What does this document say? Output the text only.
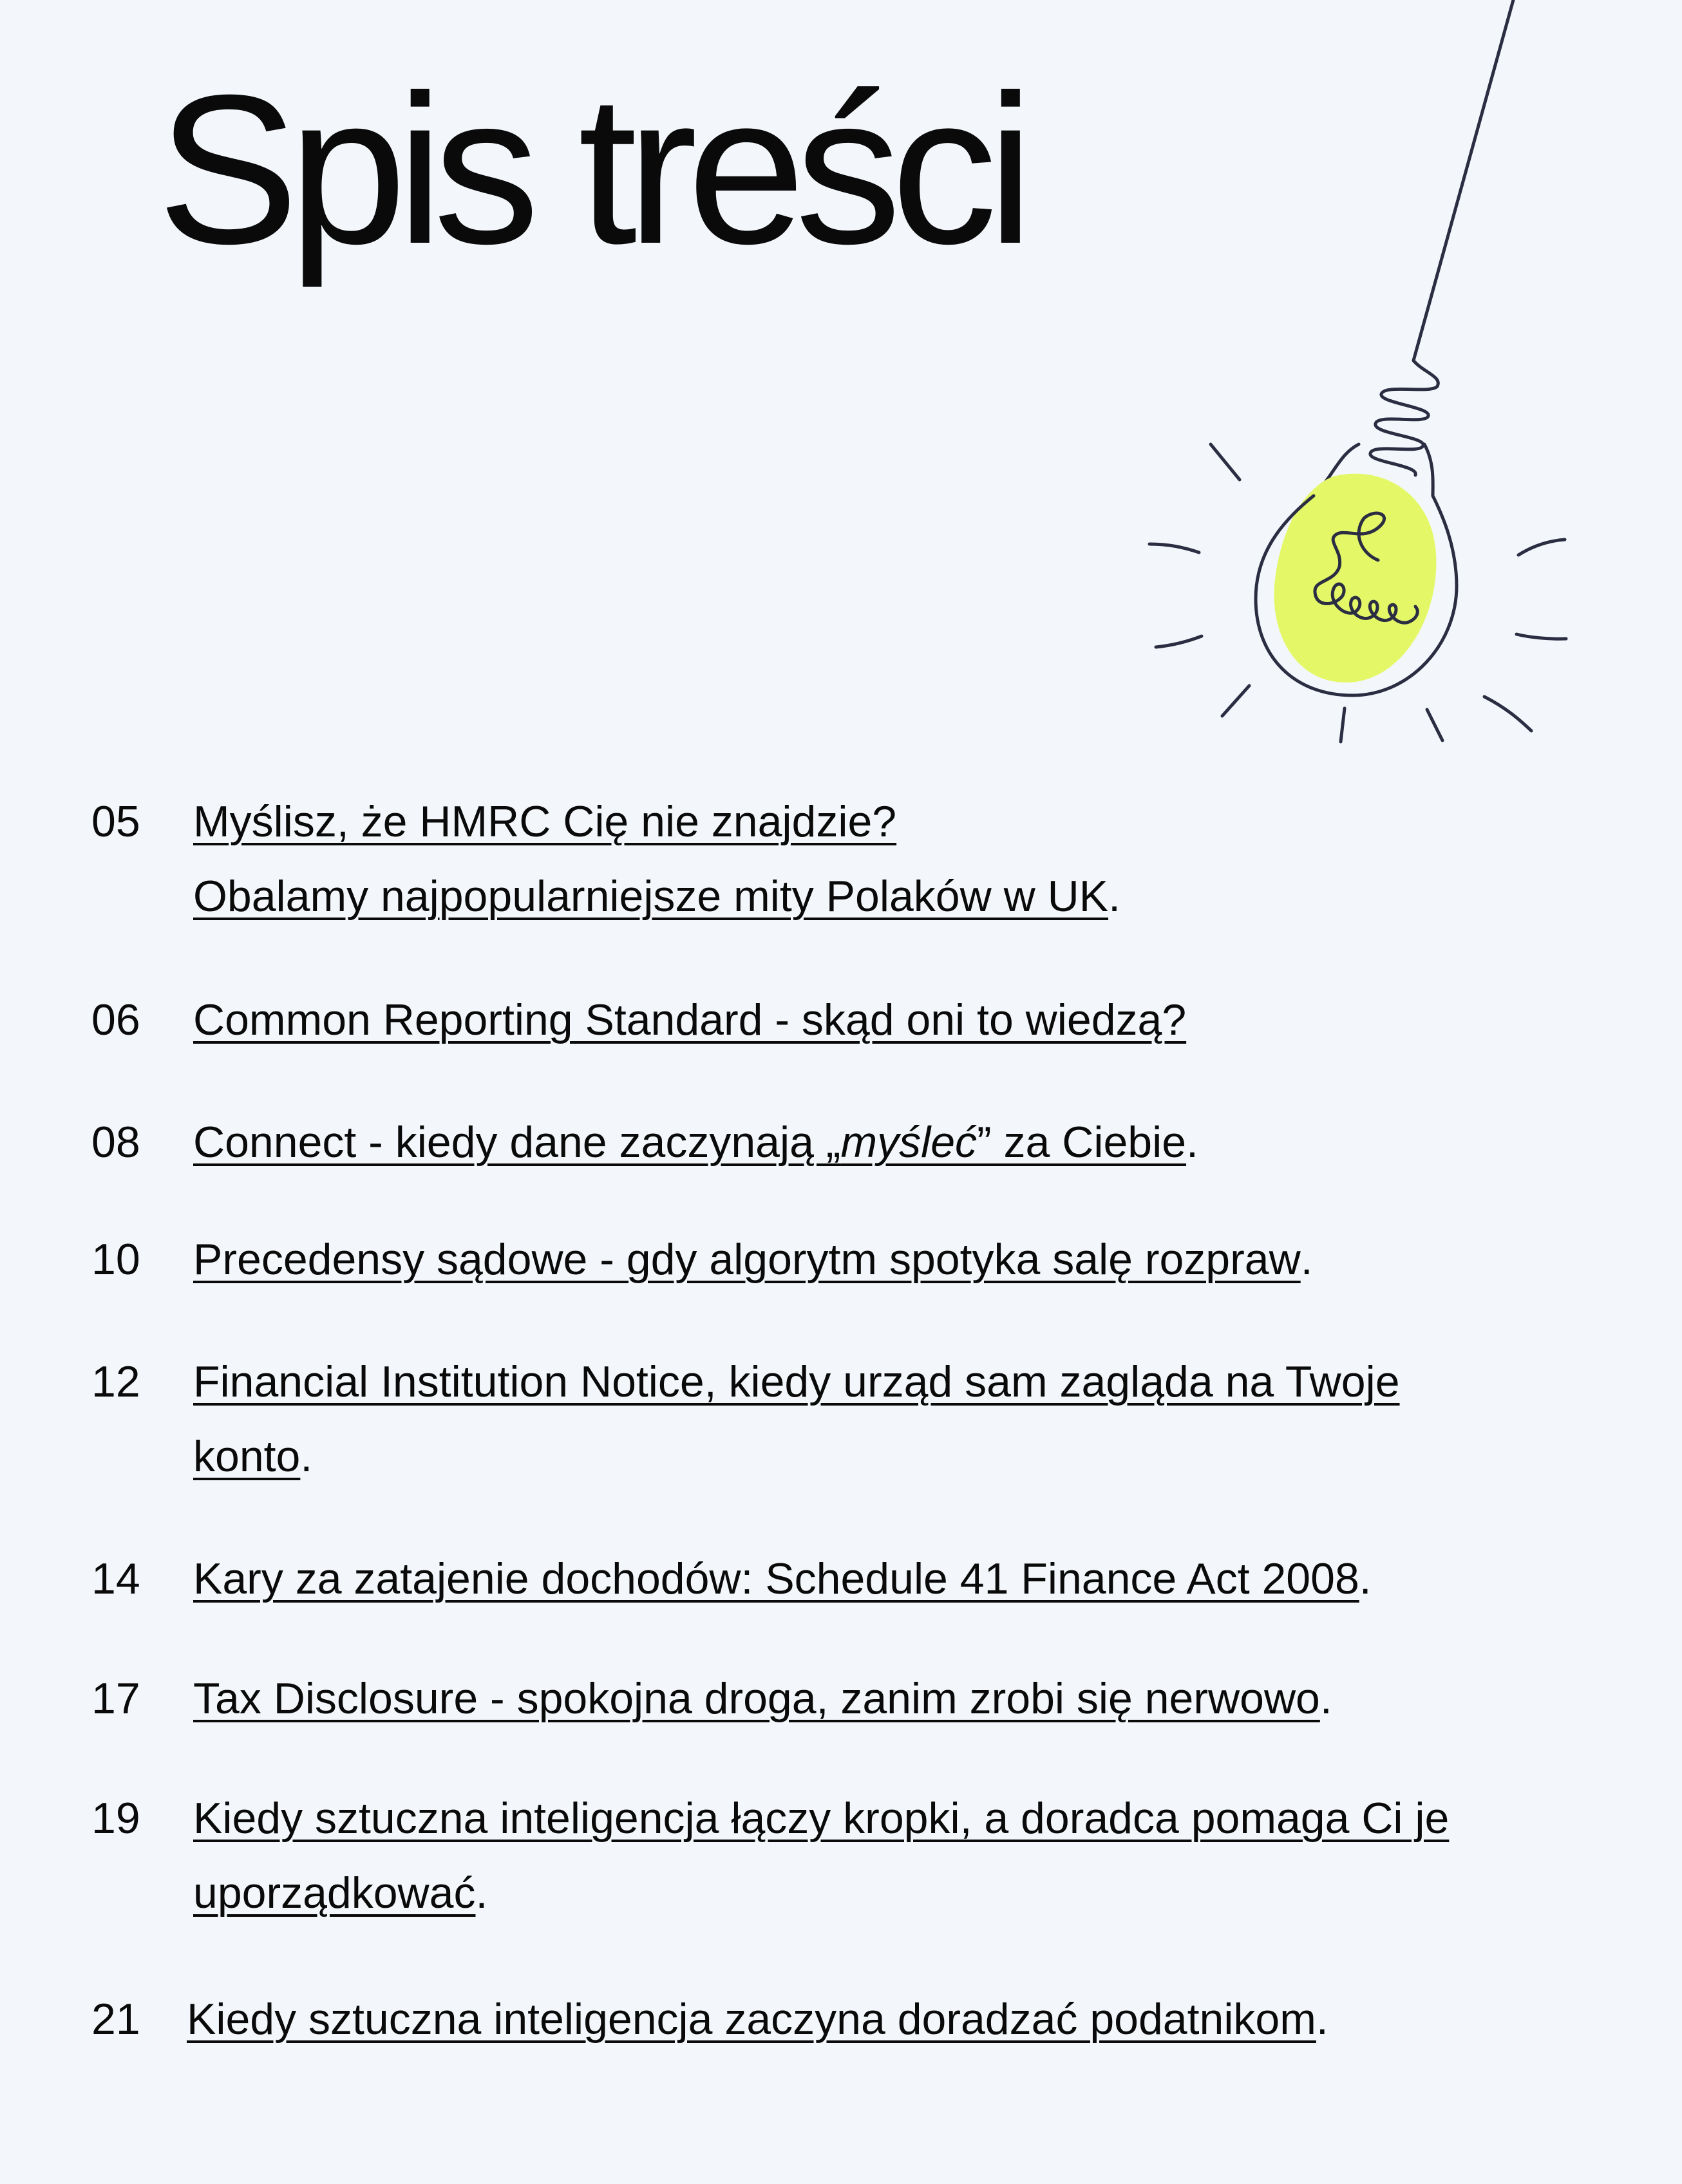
Spis treści
05 Myślisz, że HMRC Cię nie znajdzie?
Obalamy najpopularniejsze mity Polaków w UK.
06 Common Reporting Standard - skąd oni to wiedzą?
08 Connect - kiedy dane zaczynają „myśleć” za Ciebie.
10 Precedensy sądowe - gdy algorytm spotyka salę rozpraw.
12 Financial Institution Notice, kiedy urząd sam zagląda na Twoje konto.
14 Kary za zatajenie dochodów: Schedule 41 Finance Act 2008.
17 Tax Disclosure - spokojna droga, zanim zrobi się nerwowo.
19 Kiedy sztuczna inteligencja łączy kropki, a doradca pomaga Ci je uporządkować.
21 Kiedy sztuczna inteligencja zaczyna doradzać podatnikom.
